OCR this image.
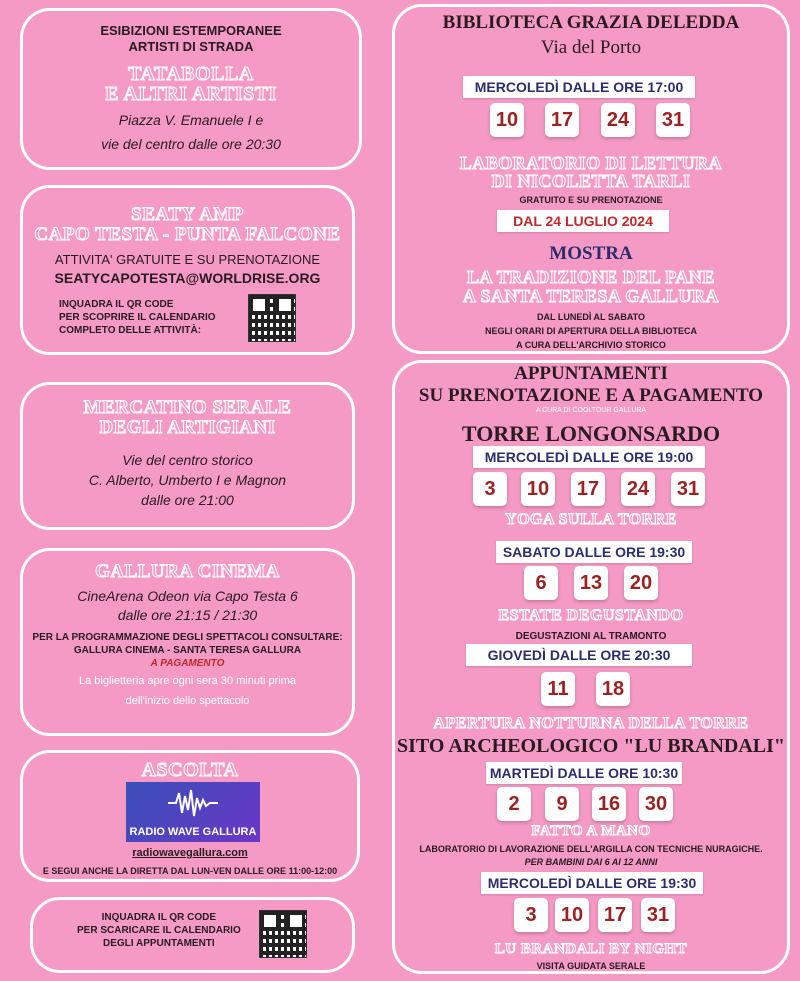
ESIBIZIONI ESTEMPORANEE
ARTISTI DI STRADA
TATABOLLA
E ALTRI ARTISTI
Piazza V. Emanuele I e
vie del centro dalle ore 20:30
SEATY AMP
CAPO TESTA - PUNTA FALCONE
ATTIVITA' GRATUITE E SU PRENOTAZIONE
SEATYCAPOTESTA@WORLDRISE.ORG
INQUADRA IL QR CODE
PER SCOPRIRE IL CALENDARIO
COMPLETO DELLE ATTIVITÀ:
MERCATINO SERALE
DEGLI ARTIGIANI
Vie del centro storico
C. Alberto, Umberto I e Magnon
dalle ore 21:00
GALLURA CINEMA
CineArena Odeon via Capo Testa 6
dalle ore 21:15 / 21:30
PER LA PROGRAMMAZIONE DEGLI SPETTACOLI CONSULTARE:
GALLURA CINEMA - SANTA TERESA GALLURA
A PAGAMENTO
La biglietteria apre ogni sera 30 minuti prima
dell'inizio dello spettacolo
ASCOLTA
radiowavegallura.com
E SEGUI ANCHE LA DIRETTA DAL LUN-VEN DALLE ORE 11:00-12:00
RADIO WAVE GALLURA
INQUADRA IL QR CODE
PER SCARICARE IL CALENDARIO
DEGLI APPUNTAMENTI
BIBLIOTECA GRAZIA DELEDDA
Via del Porto
LABORATORIO DI LETTURA
DI NICOLETTA TARLI
GRATUITO E SU PRENOTAZIONE
MOSTRA
LA TRADIZIONE DEL PANE
A SANTA TERESA GALLURA
DAL LUNEDÌ AL SABATO
NEGLI ORARI DI APERTURA DELLA BIBLIOTECA
A CURA DELL'ARCHIVIO STORICO
MERCOLEDÌ DALLE ORE 17:00
10 17 24 31
DAL 24 LUGLIO 2024
APPUNTAMENTI
SU PRENOTAZIONE E A PAGAMENTO
A CURA DI COOLTOUR GALLURA
TORRE LONGONSARDO
YOGA SULLA TORRE
ESTATE DEGUSTANDO
DEGUSTAZIONI AL TRAMONTO
APERTURA NOTTURNA DELLA TORRE
SITO ARCHEOLOGICO "LU BRANDALI"
FATTO A MANO
LABORATORIO DI LAVORAZIONE DELL'ARGILLA CON TECNICHE NURAGICHE.
PER BAMBINI DAI 6 AI 12 ANNI
LU BRANDALI BY NIGHT
VISITA GUIDATA SERALE
MERCOLEDÌ DALLE ORE 19:00
3	10 17 24 31
SABATO DALLE ORE 19:30
6	13 20
GIOVEDÌ DALLE ORE 20:30
11	18
MARTEDÌ DALLE ORE 10:30
2	9	16 30
MERCOLEDÌ DALLE ORE 19:30
3	10 17 31
